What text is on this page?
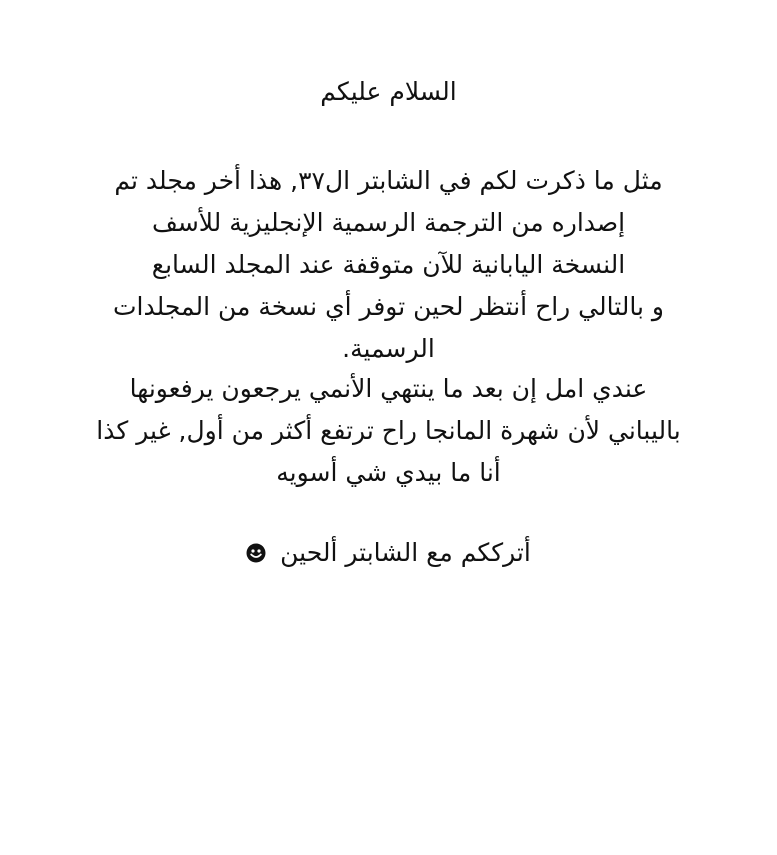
السلام عليكم

مثل ما ذكرت لكم في الشابتر ال٣٧, هذا أخر مجلد تم
إصداره من الترجمة الرسمية الإنجليزية للأسف
النسخة اليابانية للآن متوقفة عند المجلد السابع
و بالتالي راح أنتظر لحين توفر أي نسخة من المجلدات
الرسمية.
عندي امل إن بعد ما ينتهي الأنمي يرجعون يرفعونها
باليباني لأن شهرة المانجا راح ترتفع أكثر من أول, غير كذا
أنا ما بيدي شي أسويه
أترككم مع الشابتر ألحين
